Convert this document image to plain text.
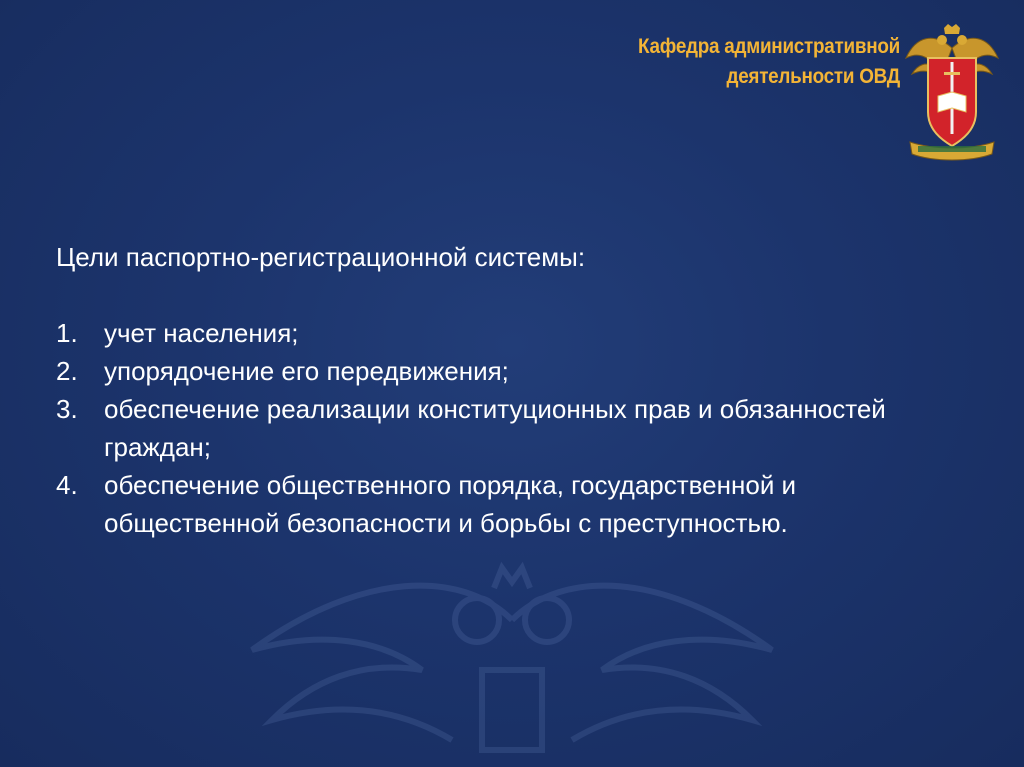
Кафедра административной
деятельности ОВД
Цели паспортно-регистрационной системы:
1.	учет населения;
2.	упорядочение его передвижения;
3.	обеспечение реализации конституционных прав и обязанностей граждан;
4.	обеспечение общественного порядка, государственной и общественной безопасности и борьбы с преступностью.
